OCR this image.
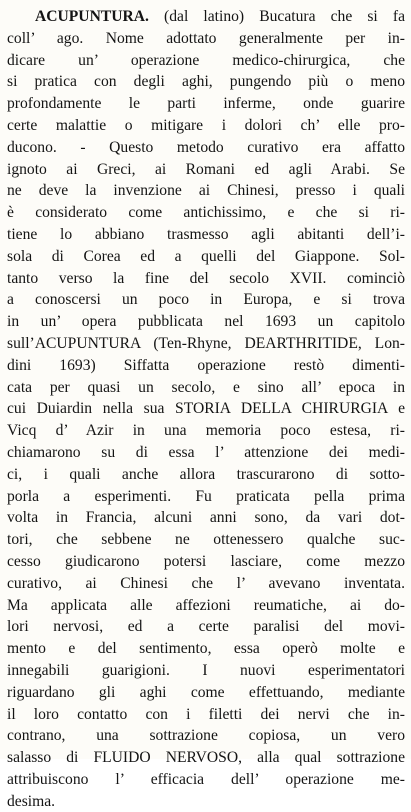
ACUPUNTURA. (dal latino) Bucatura che si fa
coll’ ago. Nome adottato generalmente per in-
dicare un’ operazione medico-chirurgica, che
si pratica con degli aghi, pungendo più o meno
profondamente le parti inferme, onde guarire
certe malattie o mitigare i dolori ch’ elle pro-
ducono. - Questo metodo curativo era affatto
ignoto ai Greci, ai Romani ed agli Arabi. Se
ne deve la invenzione ai Chinesi, presso i quali
è considerato come antichissimo, e che si ri-
tiene lo abbiano trasmesso agli abitanti dell’i-
sola di Corea ed a quelli del Giappone. Sol-
tanto verso la fine del secolo XVII. cominciò
a conoscersi un poco in Europa, e si trova
in un’ opera pubblicata nel 1693 un capitolo
sull’ACUPUNTURA (Ten-Rhyne, DEARTHRITIDE, Lon-
dini 1693) Siffatta operazione restò dimenti-
cata per quasi un secolo, e sino all’ epoca in
cui Duiardin nella sua STORIA DELLA CHIRURGIA e
Vicq d’ Azir in una memoria poco estesa, ri-
chiamarono su di essa l’ attenzione dei medi-
ci, i quali anche allora trascurarono di sotto-
porla a esperimenti. Fu praticata pella prima
volta in Francia, alcuni anni sono, da vari dot-
tori, che sebbene ne ottenessero qualche suc-
cesso giudicarono potersi lasciare, come mezzo
curativo, ai Chinesi che l’ avevano inventata.
Ma applicata alle affezioni reumatiche, ai do-
lori nervosi, ed a certe paralisi del movi-
mento e del sentimento, essa operò molte e
innegabili guarigioni. I nuovi esperimentatori
riguardano gli aghi come effettuando, mediante
il loro contatto con i filetti dei nervi che in-
contrano, una sottrazione copiosa, un vero
salasso di FLUIDO NERVOSO, alla qual sottrazione
attribuiscono l’ efficacia dell’ operazione me-
desima.
